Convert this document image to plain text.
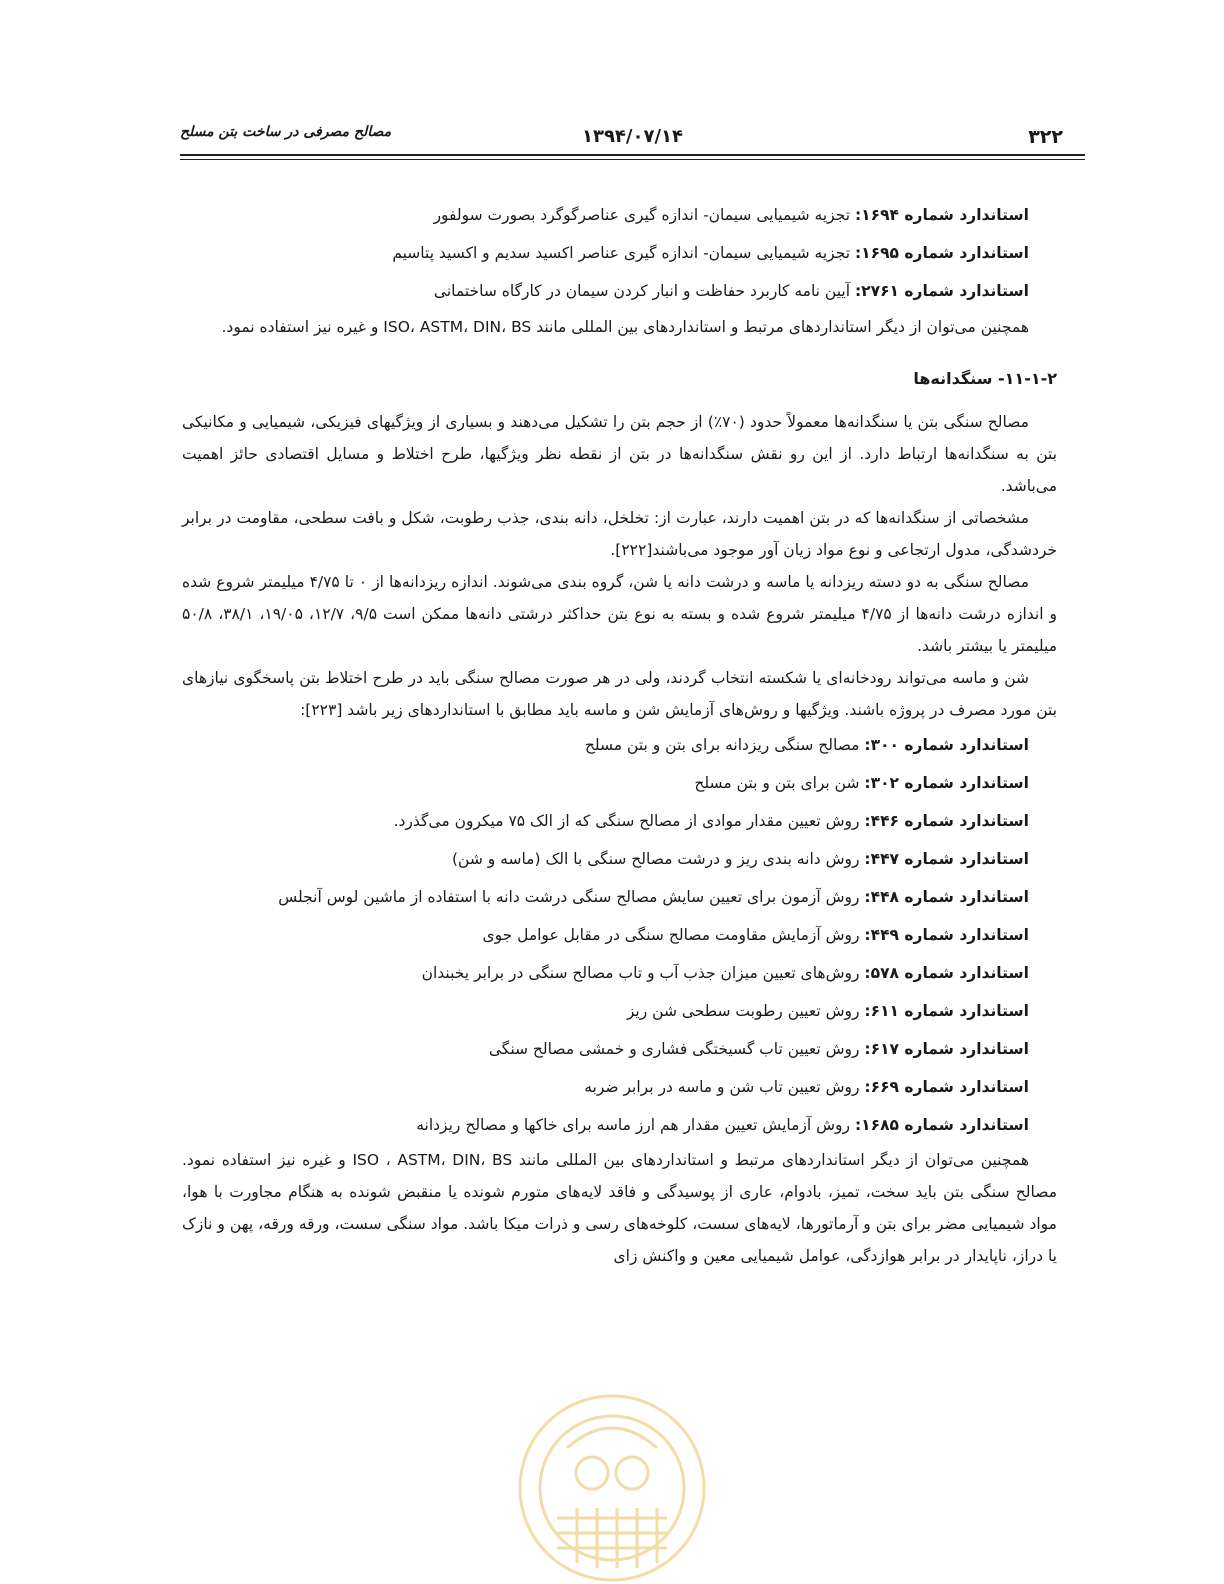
۳۲۲
۱۳۹۴/۰۷/۱۴
مصالح مصرفی در ساخت بتن مسلح
استاندارد شماره ۱۶۹۴: تجزیه شیمیایی سیمان- اندازه گیری عناصرگوگرد بصورت سولفور
استاندارد شماره ۱۶۹۵: تجزیه شیمیایی سیمان- اندازه گیری عناصر اکسید سدیم و اکسید پتاسیم
استاندارد شماره ۲۷۶۱: آیین نامه کاربرد حفاظت و انبار کردن سیمان در کارگاه ساختمانی

همچنین می‌توان از دیگر استانداردهای مرتبط و استانداردهای بین المللی مانند ISO، ASTM، DIN، BS و غیره نیز استفاده نمود.

۱۱-۱-۲- سنگدانه‌ها

مصالح سنگی بتن یا سنگدانه‌ها معمولاً حدود (۷۰٪) از حجم بتن را تشکیل می‌دهند و بسیاری از ویژگیهای فیزیکی، شیمیایی و مکانیکی بتن به سنگدانه‌ها ارتباط دارد. از این رو نقش سنگدانه‌ها در بتن از نقطه نظر ویژگیها، طرح اختلاط و مسایل اقتصادی حائز اهمیت می‌باشد.

مشخصاتی از سنگدانه‌ها که در بتن اهمیت دارند، عبارت از: تخلخل، دانه بندی، جذب رطوبت، شکل و بافت سطحی، مقاومت در برابر خردشدگی، مدول ارتجاعی و نوع مواد زیان آور موجود می‌باشند[۲۲۲].

مصالح سنگی به دو دسته ریزدانه یا ماسه و درشت دانه یا شن، گروه بندی می‌شوند. اندازه ریزدانه‌ها از ۰ تا ۴/۷۵ میلیمتر شروع شده و اندازه درشت دانه‌ها از ۴/۷۵ میلیمتر شروع شده و بسته به نوع بتن حداکثر درشتی دانه‌ها ممکن است ۹/۵، ۱۲/۷، ۱۹/۰۵، ۳۸/۱، ۵۰/۸ میلیمتر یا بیشتر باشد.

شن و ماسه می‌تواند رودخانه‌ای یا شکسته انتخاب گردند، ولی در هر صورت مصالح سنگی باید در طرح اختلاط بتن پاسخگوی نیازهای بتن مورد مصرف در پروژه باشند. ویژگیها و روش‌های آزمایش شن و ماسه باید مطابق با استانداردهای زیر باشد [۲۲۳]:

استاندارد شماره ۳۰۰: مصالح سنگی ریزدانه برای بتن و بتن مسلح
استاندارد شماره ۳۰۲: شن برای بتن و بتن مسلح
استاندارد شماره ۴۴۶: روش تعیین مقدار موادی از مصالح سنگی که از الک ۷۵ میکرون می‌گذرد.
استاندارد شماره ۴۴۷: روش دانه بندی ریز و درشت مصالح سنگی با الک (ماسه و شن)
استاندارد شماره ۴۴۸: روش آزمون برای تعیین سایش مصالح سنگی درشت دانه با استفاده از ماشین لوس آنجلس
استاندارد شماره ۴۴۹: روش آزمایش مقاومت مصالح سنگی در مقابل عوامل جوی
استاندارد شماره ۵۷۸: روش‌های تعیین میزان جذب آب و تاب مصالح سنگی در برابر یخبندان
استاندارد شماره ۶۱۱: روش تعیین رطوبت سطحی شن ریز
استاندارد شماره ۶۱۷: روش تعیین تاب گسیختگی فشاری و خمشی مصالح سنگی
استاندارد شماره ۶۶۹: روش تعیین تاب شن و ماسه در برابر ضربه
استاندارد شماره ۱۶۸۵: روش آزمایش تعیین مقدار هم ارز ماسه برای خاکها و مصالح ریزدانه

همچنین می‌توان از دیگر استانداردهای مرتبط و استانداردهای بین المللی مانند ISO ، ASTM، DIN، BS و غیره نیز استفاده نمود. مصالح سنگی بتن باید سخت، تمیز، بادوام، عاری از پوسیدگی و فاقد لایه‌های متورم شونده یا منقبض شونده به هنگام مجاورت با هوا، مواد شیمیایی مضر برای بتن و آرماتورها، لایه‌های سست، کلوخه‌های رسی و ذرات میکا باشد. مواد سنگی سست، ورقه ورقه، پهن و نازک یا دراز، ناپایدار در برابر هوازدگی، عوامل شیمیایی معین و واکنش زای
